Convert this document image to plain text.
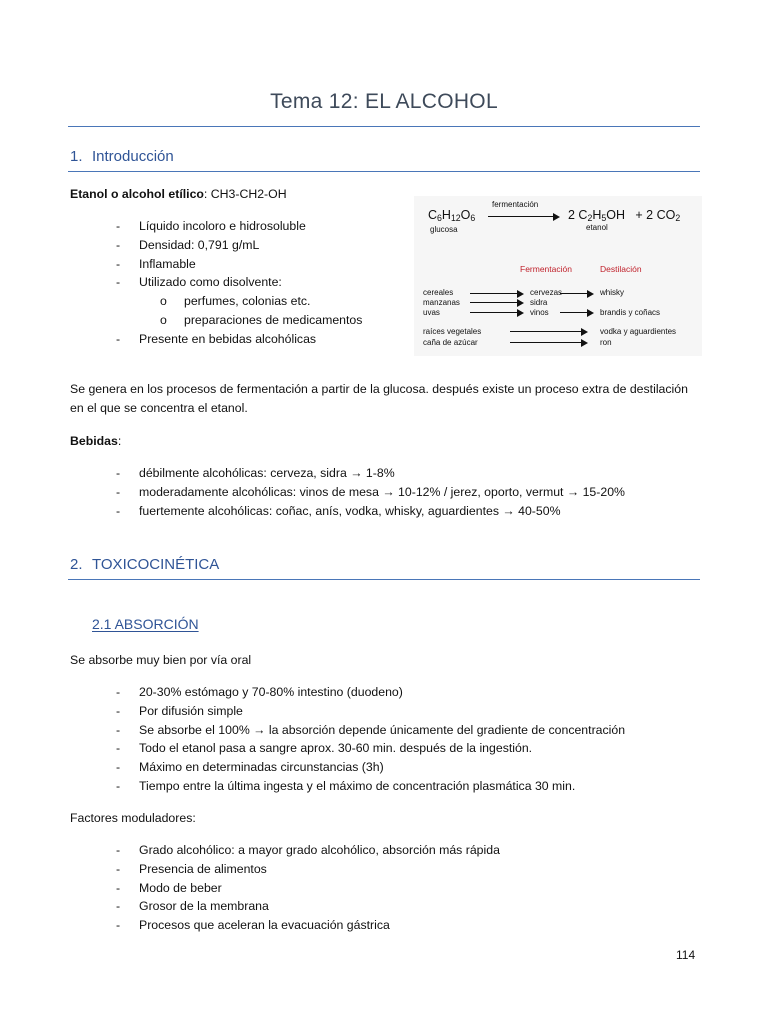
Tema 12: EL ALCOHOL
1. Introducción
Etanol o alcohol etílico: CH3-CH2-OH
- Líquido incoloro e hidrosoluble
- Densidad: 0,791 g/mL
- Inflamable
- Utilizado como disolvente:
o perfumes, colonias etc.
o preparaciones de medicamentos
- Presente en bebidas alcohólicas
$C_6H_{12}O_6$
fermentación
2 $C_2H_5OH + 2$ $CO_2$
glucosa	etanol
Fermentación	Destilación
cereales
manzanas
uvas
raíces vegetales
caña de azúcar
cervezas
sidra
vinos
whisky
brandis y coñacs
vodka y aguardientes
ron
Se genera en los procesos de fermentación a partir de la glucosa. después existe un proceso extra de destilación en el que se concentra el etanol.
Bebidas:
- débilmente alcohólicas: cerveza, sidra → 1-8%
- moderadamente alcohólicas: vinos de mesa → 10-12% / jerez, oporto, vermut → 15-20%
- fuertemente alcohólicas: coñac, anís, vodka, whisky, aguardientes → 40-50%
2. TOXICOCINÉTICA
2.1 ABSORCIÓN
Se absorbe muy bien por vía oral
- 20-30% estómago y 70-80% intestino (duodeno)
- Por difusión simple
- Se absorbe el 100% → la absorción depende únicamente del gradiente de concentración
- Todo el etanol pasa a sangre aprox. 30-60 min. después de la ingestión.
- Máximo en determinadas circunstancias (3h)
- Tiempo entre la última ingesta y el máximo de concentración plasmática 30 min.
Factores moduladores:
- Grado alcohólico: a mayor grado alcohólico, absorción más rápida
- Presencia de alimentos
- Modo de beber
- Grosor de la membrana
- Procesos que aceleran la evacuación gástrica
114
